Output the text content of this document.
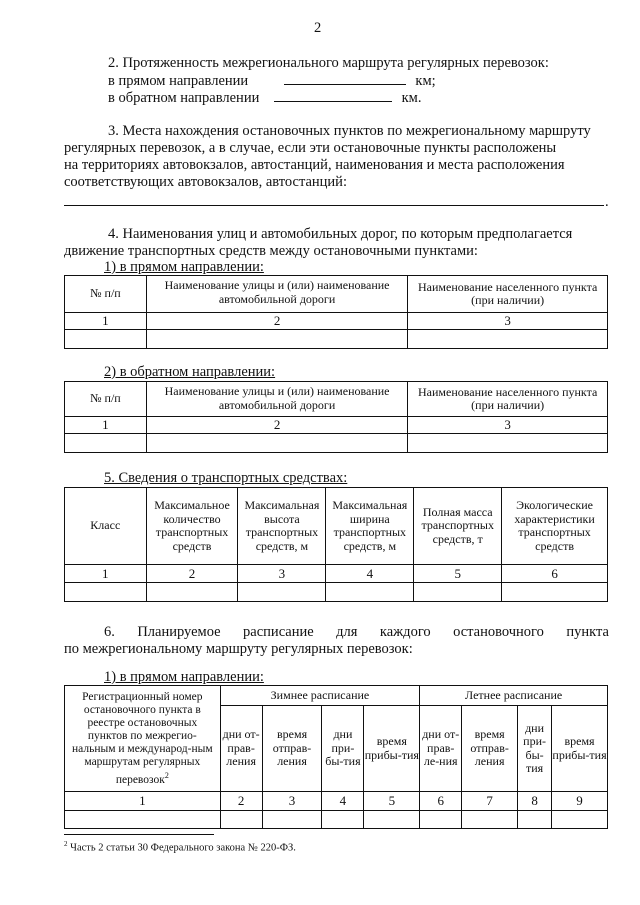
2
2. Протяженность межрегионального маршрута регулярных перевозок:
в прямом направлении	км;
в обратном направлении	км.
3. Места нахождения остановочных пунктов по межрегиональному маршруту
регулярных перевозок, а в случае, если эти остановочные пункты расположены
на территориях автовокзалов, автостанций, наименования и места расположения
соответствующих автовокзалов, автостанций:
.
4. Наименования улиц и автомобильных дорог, по которым предполагается
движение транспортных средств между остановочными пунктами:
1) в прямом направлении:
№ п/п	Наименование улицы и (или) наименование автомобильной дороги	Наименование населенного пункта (при наличии)
1	2	3

2) в обратном направлении:
№ п/п	Наименование улицы и (или) наименование автомобильной дороги	Наименование населенного пункта (при наличии)
1	2	3

5. Сведения о транспортных средствах:
Класс	Максимальное количество транспортных средств	Максимальная высота транспортных средств, м	Максимальная ширина транспортных средств, м	Полная масса транспортных средств, т	Экологические характеристики транспортных средств
1	2	3	4	5	6

6. Планируемое расписание для каждого остановочного пункта
по межрегиональному маршруту регулярных перевозок:
1) в прямом направлении:
Регистрационный номер остановочного пункта в реестре остановочных пунктов по межрегио-нальным и международ-ным маршрутам регулярных перевозок$^2$	Зимнее расписание				Летнее расписание			
	дни от-прав-ления	время отправ-ления	дни при-бы-тия	время прибы-тия	дни от-прав-ле-ния	время отправ-ления	дни при-бы-тия	время прибы-тия
1	2	3	4	5	6	7	8	9

$^2$ Часть 2 статьи 30 Федерального закона № 220-ФЗ.
